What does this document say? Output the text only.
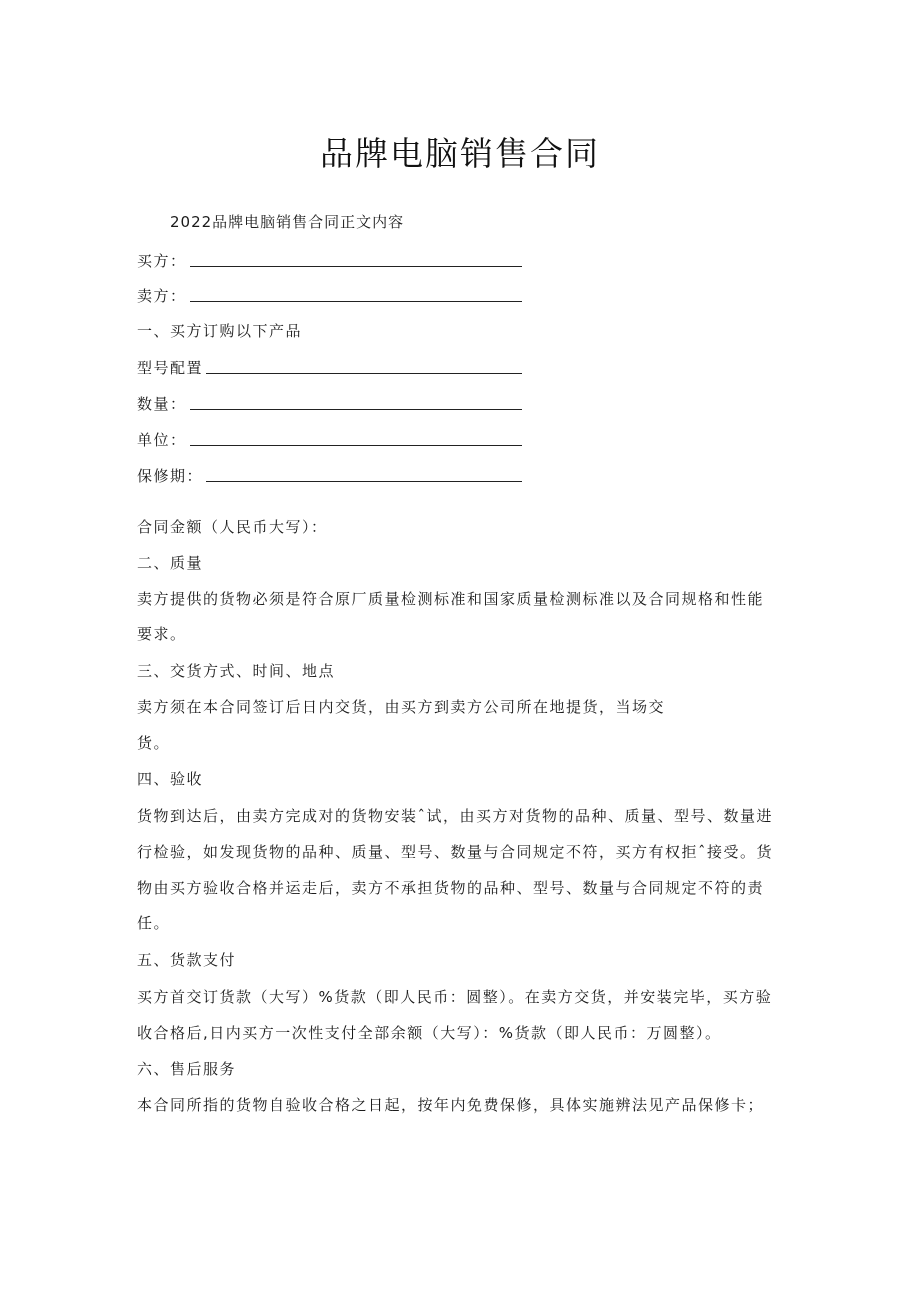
品牌电脑销售合同
2022品牌电脑销售合同正文内容
买方：
卖方：
一、买方订购以下产品
型号配置
数量：
单位：
保修期：
合同金额（人民币大写）：
二、质量
卖方提供的货物必须是符合原厂质量检测标准和国家质量检测标准以及合同规格和性能
要求。
三、交货方式、时间、地点
卖方须在本合同签订后日内交货，由买方到卖方公司所在地提货，当场交
货。
四、验收
货物到达后，由卖方完成对的货物安装ˆ试，由买方对货物的品种、质量、型号、数量进
行检验，如发现货物的品种、质量、型号、数量与合同规定不符，买方有权拒ˆ接受。货
物由买方验收合格并运走后，卖方不承担货物的品种、型号、数量与合同规定不符的责
任。
五、货款支付
买方首交订货款（大写）%货款（即人民币：圆整）。在卖方交货，并安装完毕，买方验
收合格后,日内买方一次性支付全部余额（大写）：%货款（即人民币：万圆整）。
六、售后服务
本合同所指的货物自验收合格之日起，按年内免费保修，具体实施辨法见产品保修卡；
